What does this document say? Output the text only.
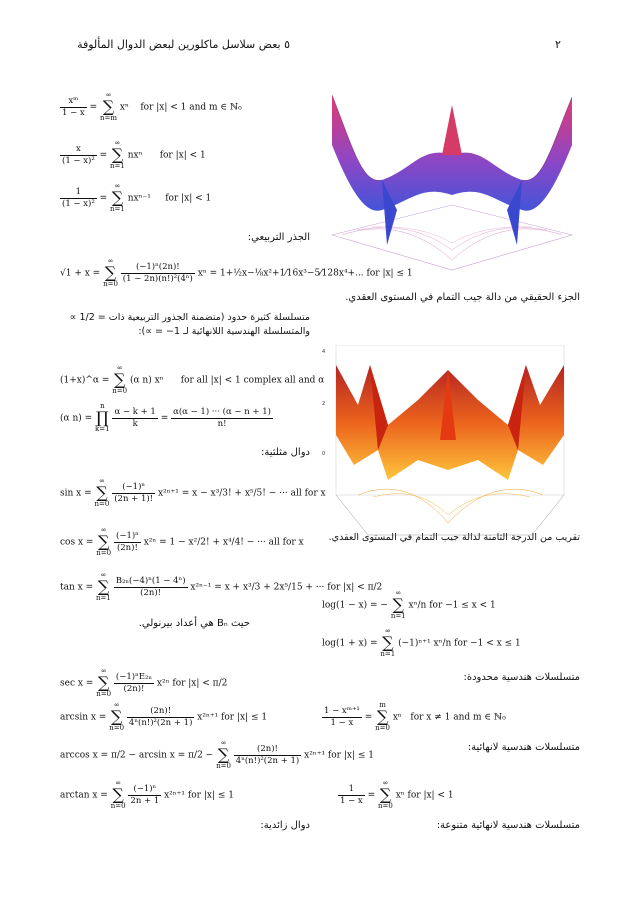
٢
٥ بعض سلاسل ماكلورين لبعض الدوال المألوفة
4
2
0
$\frac{\text{xᵐ}}{1 - x}$ = ∞
∑
n=m xⁿ for |x| < 1 and m ∈ ℕ₀
$\frac{x}{\text{(1 − x)²}}$ = ∞
∑
n=1 nxⁿ for |x| < 1
$\frac{1}{\text{(1 − x)²}}$ = ∞
∑
n=1 nxⁿ⁻¹ for |x| < 1
الجذر التربيعي:
√1 + x = ∞
∑
n=0
$\frac{\text{(−1)ⁿ(2n)!}}{\text{(1 − 2n)(n!)²(4ⁿ)}}$ xⁿ = 1+½x−⅛x²+1⁄16x³−5⁄128x⁴+... for |x| ≤ 1
الجزء الحقيقي من دالة جيب التمام في المستوى العقدي.
متسلسلة كثيرة حدود (متضمنة الجذور التربيعية ذات = 1/2 ∝
والمتسلسلة الهندسية اللانهائية لـ 1− = ∝):
(1+x)^α = ∞
∑
n=0 (α n) xⁿ for all |x| < 1 complex all and α
(α n) = n
∏
k=1
$\frac{\alpha - k + 1}{k} = \frac{\alpha(\alpha - 1) \cdot\cdot\cdot (\alpha - n + 1)}{n!}$
دوال مثلثية:
sin x = ∞
∑
n=0
$\frac{\text{(−1)ⁿ}}{(2n + 1)!} x^{2n+1} = x - x^3/3$! + x⁵/5! − ··· all for x
cos x = ∞
∑
n=0
$\frac{\text{(−1)ⁿ}}{(2n)!} x^{2n} = 1 - x^2/2$! + x⁴/4! − ··· all for x	تقريب من الدرجة الثامنة لدالة جيب التمام في المستوى العقدي.
tan x = ∞
∑
n=1
$\frac{\text{B₂ₙ(−4)ⁿ(1 − 4ⁿ)}}{(2n)!} x^{2n-1} = x + x^3/3 + 2x^5/15$ + ··· for |x| < π/2
log(1 − x) = − ∞
∑
n=1 xⁿ/n for −1 ≤ x < 1
حيث Bₙ هي أعداد بيرنولي.
log(1 + x) = ∞
∑
n=1 (−1)ⁿ⁺¹ xⁿ/n for −1 < x ≤ 1
sec x = ∞
∑
n=0
$\frac{\text{(−1)ⁿE₂ₙ}}{(2n)!} x^{2n}$ for |x| < π/2
متسلسلات هندسية محدودة:
arcsin x = ∞
∑
n=0
$\frac{(2n)!}{\text{4ⁿ(n!)²(2n + 1)}} x^{2n+1}$ for |x| ≤ 1	$\frac{\text{1 − xᵐ⁺¹}}{1 - x} = m$
∑
n=0 xⁿ for x ≠ 1 and m ∈ ℕ₀
arccos x = π/2 − arcsin x = π/2 − ∞
∑
n=0
$\frac{(2n)!}{\text{4ⁿ(n!)²(2n + 1)}} x^{2n+1}$ for |x| ≤ 1
متسلسلات هندسية لانهائية:
arctan x = ∞
∑
n=0
$\frac{\text{(−1)ⁿ}}{2n + 1} x^{2n+1}$ for |x| ≤ 1	$\frac{1}{1 - x}$ = ∞
∑
n=0 xⁿ for |x| < 1
دوال زائدية:	متسلسلات هندسية لانهائية متنوعة:
